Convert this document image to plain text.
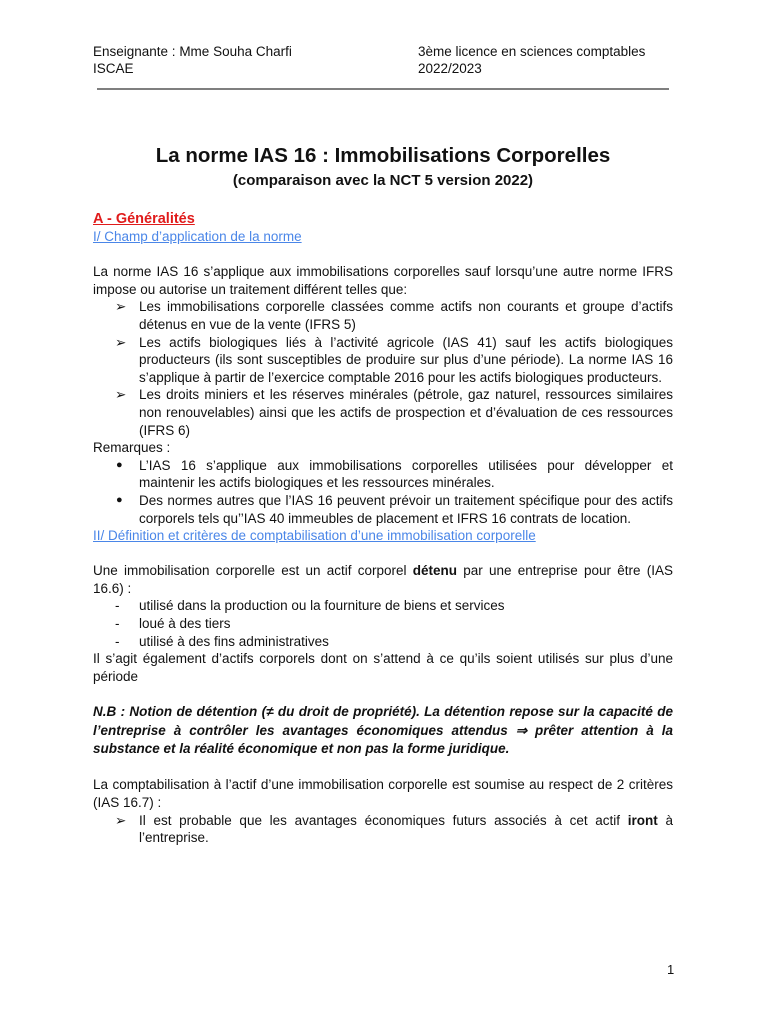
Enseignante : Mme Souha Charfi
ISCAE
3ème licence en sciences comptables
2022/2023
La norme IAS 16 : Immobilisations Corporelles

(comparaison avec la NCT 5 version 2022)

A - Généralités

I/ Champ d’application de la norme

La norme IAS 16 s’applique aux immobilisations corporelles sauf lorsqu’une autre norme IFRS impose ou autorise un traitement différent telles que:

➢ Les immobilisations corporelle classées comme actifs non courants et groupe d’actifs détenus en vue de la vente (IFRS 5)
➢ Les actifs biologiques liés à l’activité agricole (IAS 41) sauf les actifs biologiques producteurs (ils sont susceptibles de produire sur plus d’une période). La norme IAS 16 s’applique à partir de l’exercice comptable 2016 pour les actifs biologiques producteurs.
➢ Les droits miniers et les réserves minérales (pétrole, gaz naturel, ressources similaires non renouvelables) ainsi que les actifs de prospection et d’évaluation de ces ressources (IFRS 6)

Remarques :

● L’IAS 16 s’applique aux immobilisations corporelles utilisées pour développer et maintenir les actifs biologiques et les ressources minérales.
● Des normes autres que l’IAS 16 peuvent prévoir un traitement spécifique pour des actifs corporels tels qu’’IAS 40 immeubles de placement et IFRS 16 contrats de location.

II/ Définition et critères de comptabilisation d’une immobilisation corporelle

Une immobilisation corporelle est un actif corporel détenu par une entreprise pour être (IAS 16.6) :

- utilisé dans la production ou la fourniture de biens et services
- loué à des tiers
- utilisé à des fins administratives

Il s’agit également d’actifs corporels dont on s’attend à ce qu’ils soient utilisés sur plus d’une période

N.B : Notion de détention (≠ du droit de propriété). La détention repose sur la capacité de l’entreprise à contrôler les avantages économiques attendus ⇒ prêter attention à la substance et la réalité économique et non pas la forme juridique.

La comptabilisation à l’actif d’une immobilisation corporelle est soumise au respect de 2 critères (IAS 16.7) :

➢ Il est probable que les avantages économiques futurs associés à cet actif iront à l’entreprise.
1
